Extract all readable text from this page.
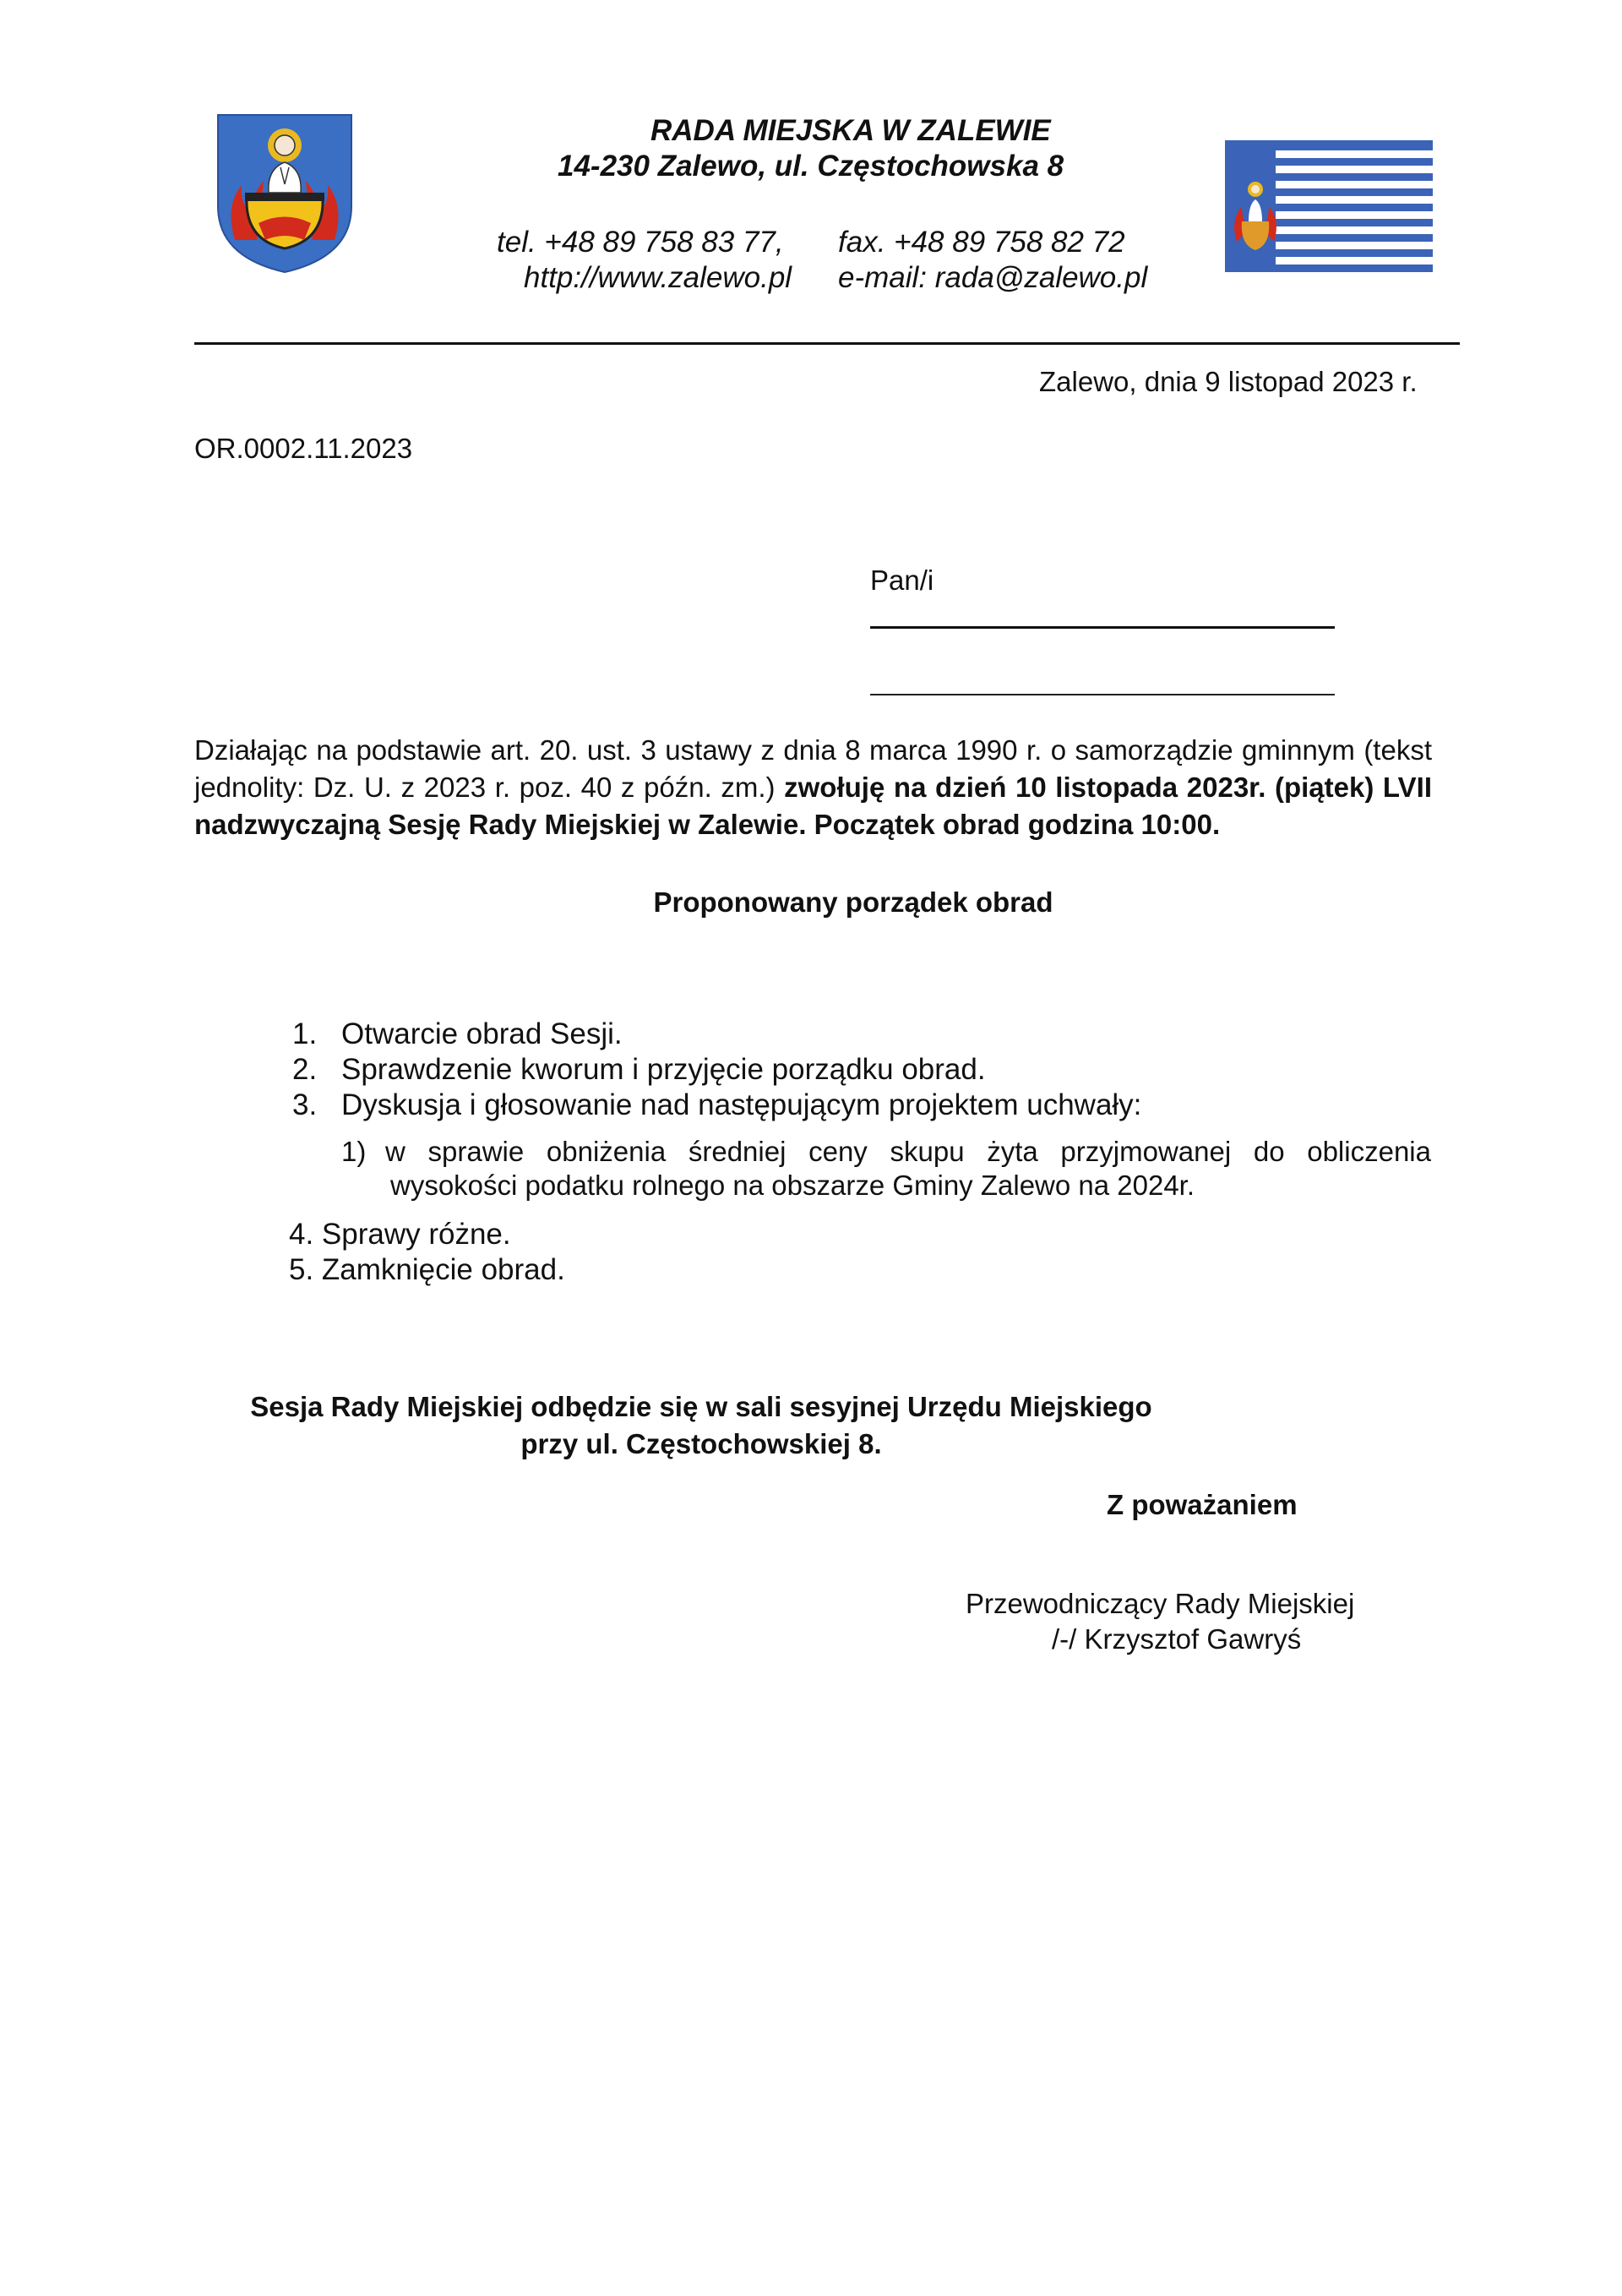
RADA MIEJSKA W ZALEWIE
14-230 Zalewo, ul. Częstochowska 8
tel. +48 89 758 83 77, fax. +48 89 758 82 72
http://www.zalewo.pl e-mail: rada@zalewo.pl
Zalewo, dnia 9 listopad 2023 r.
OR.0002.11.2023
Pan/i
Działając na podstawie art. 20. ust. 3 ustawy z dnia 8 marca 1990 r. o samorządzie gminnym (tekst jednolity: Dz. U. z 2023 r. poz. 40 z późn. zm.) zwołuję na dzień 10 listopada 2023r. (piątek) LVII nadzwyczajną Sesję Rady Miejskiej w Zalewie. Początek obrad godzina 10:00.
Proponowany porządek obrad
1. Otwarcie obrad Sesji.
2. Sprawdzenie kworum i przyjęcie porządku obrad.
3. Dyskusja i głosowanie nad następującym projektem uchwały:
1) w sprawie obniżenia średniej ceny skupu żyta przyjmowanej do obliczenia
wysokości podatku rolnego na obszarze Gminy Zalewo na 2024r.
4. Sprawy różne.
5. Zamknięcie obrad.
Sesja Rady Miejskiej odbędzie się w sali sesyjnej Urzędu Miejskiego
przy ul. Częstochowskiej 8.
Z poważaniem
Przewodniczący Rady Miejskiej
/-/ Krzysztof Gawryś
